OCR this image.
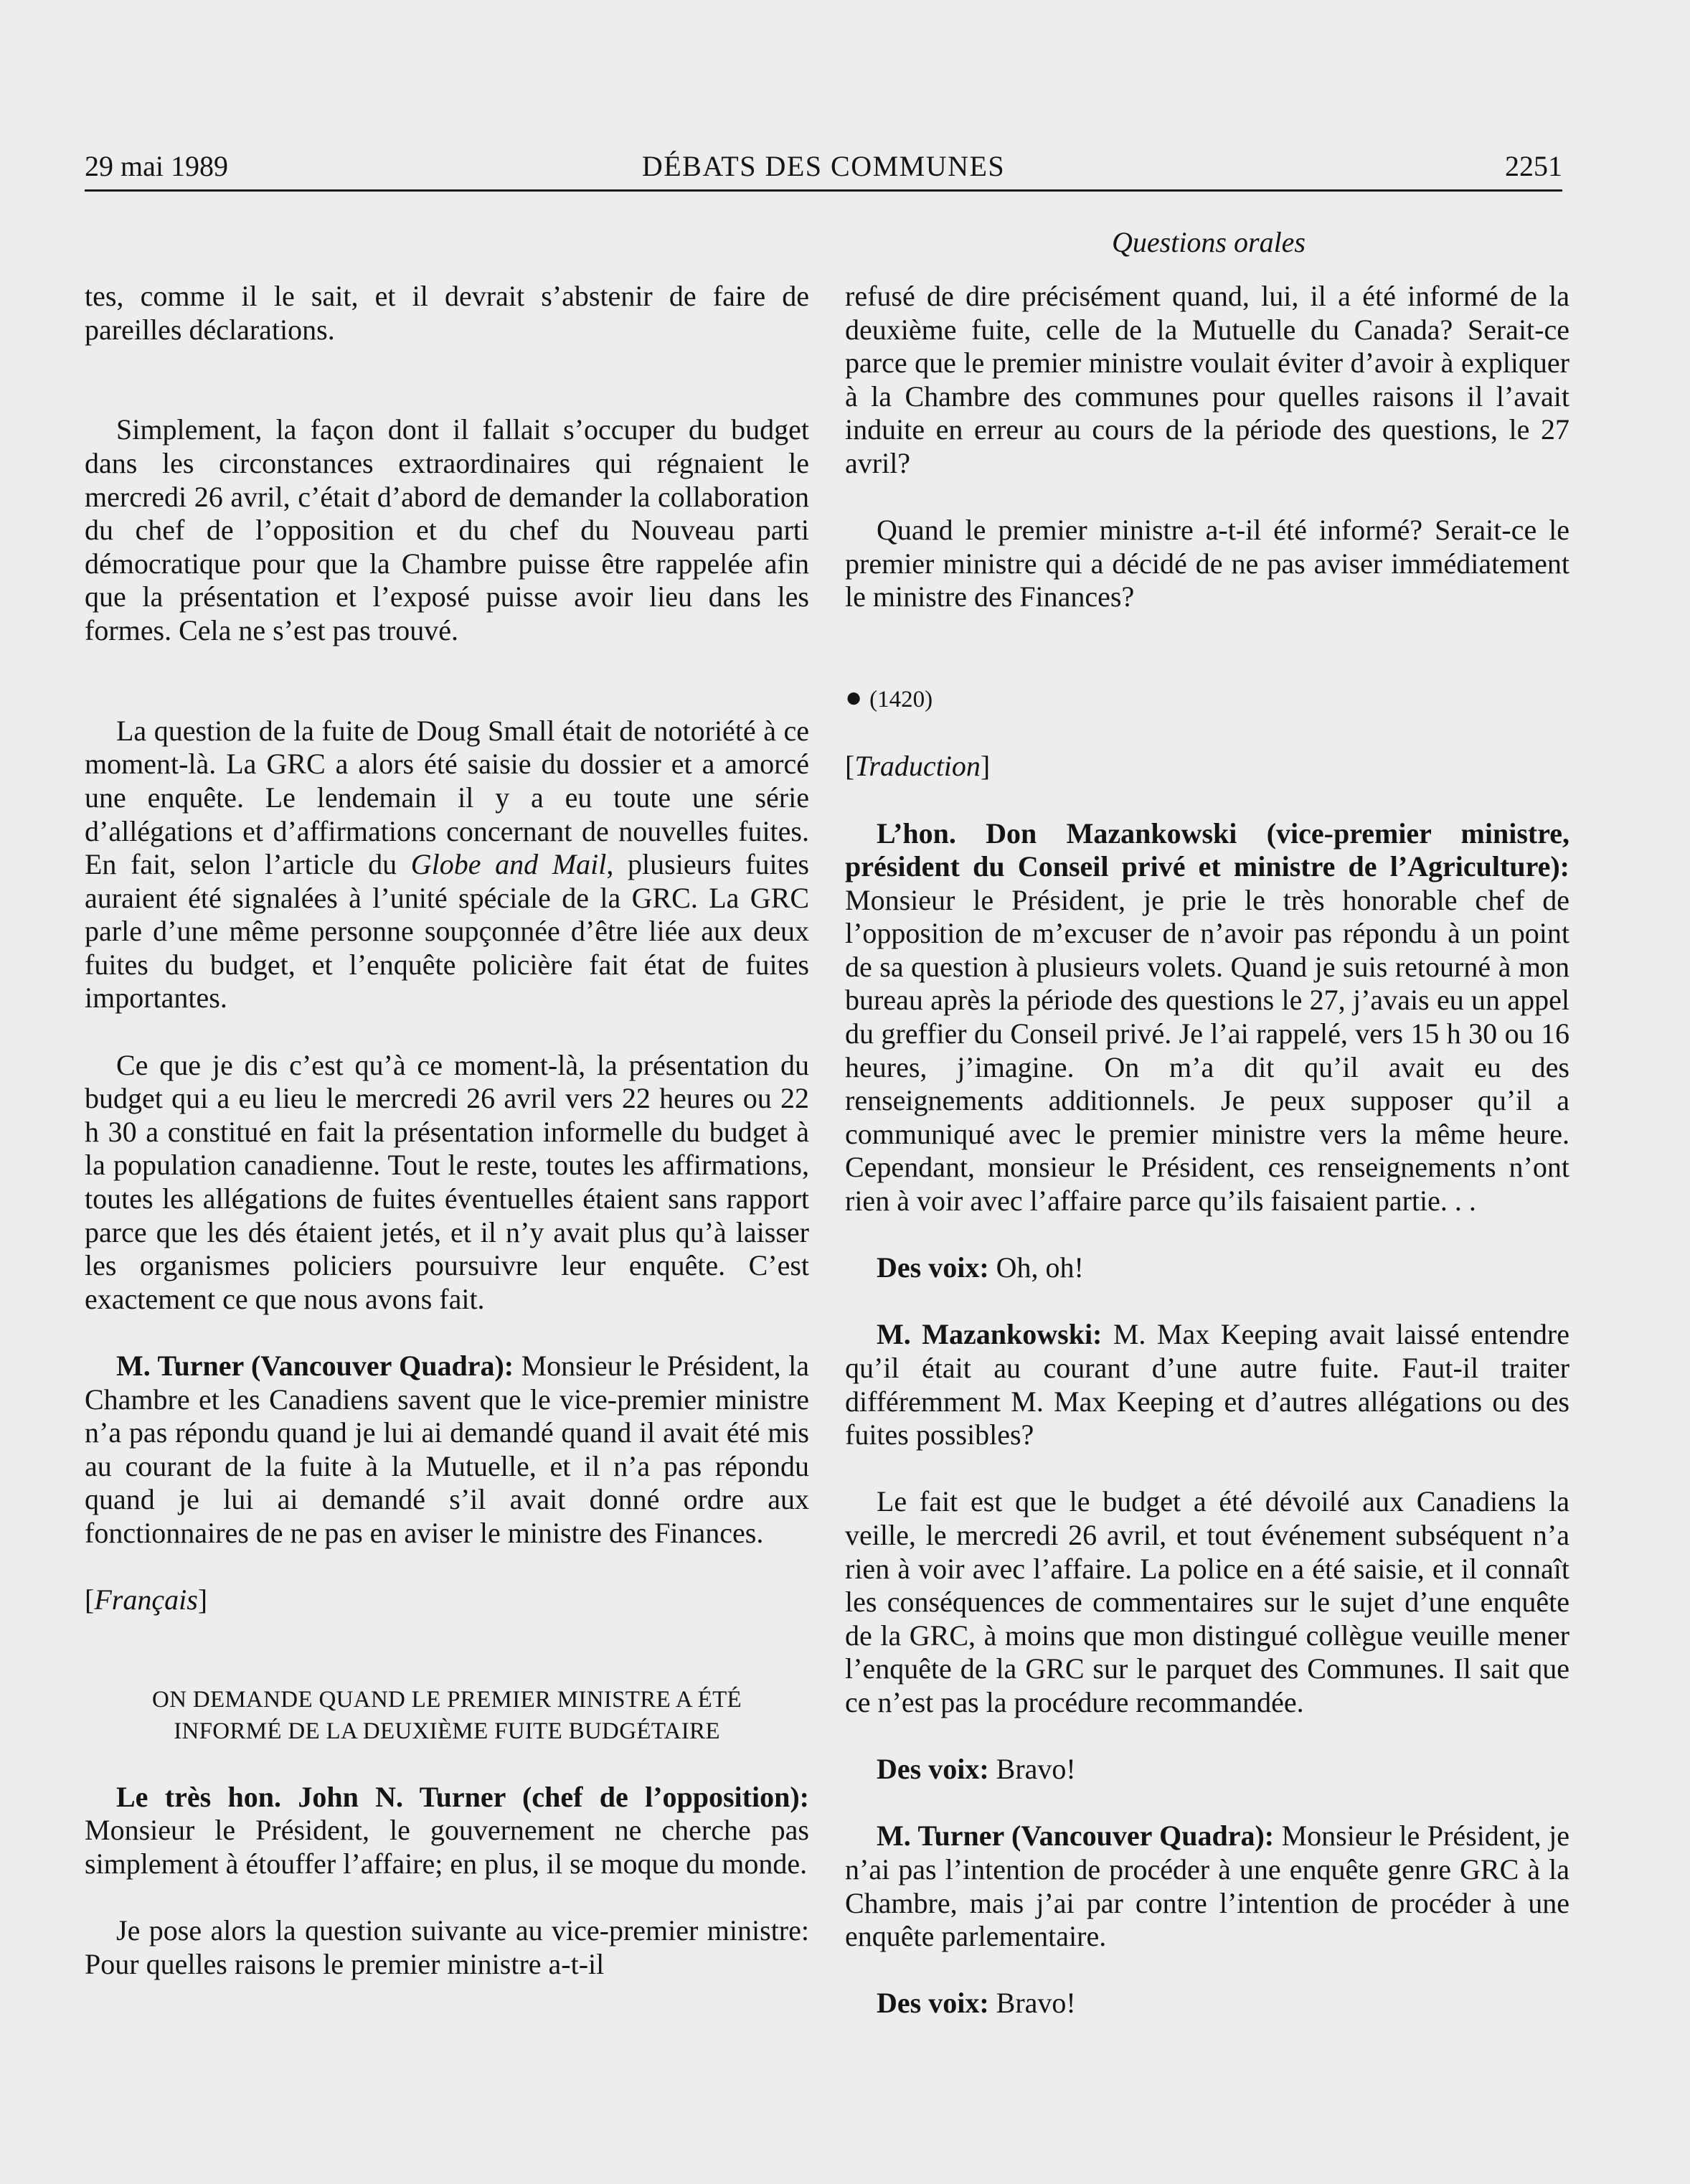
29 mai 1989	DÉBATS DES COMMUNES	2251
Questions orales

tes, comme il le sait, et il devrait s’abstenir de faire de pareilles déclarations.

Simplement, la façon dont il fallait s’occuper du budget dans les circonstances extraordinaires qui régnaient le mercredi 26 avril, c’était d’abord de demander la collaboration du chef de l’opposition et du chef du Nouveau parti démocratique pour que la Chambre puisse être rappelée afin que la présentation et l’exposé puisse avoir lieu dans les formes. Cela ne s’est pas trouvé.

La question de la fuite de Doug Small était de notoriété à ce moment-là. La GRC a alors été saisie du dossier et a amorcé une enquête. Le lendemain il y a eu toute une série d’allégations et d’affirmations concernant de nouvelles fuites. En fait, selon l’article du Globe and Mail, plusieurs fuites auraient été signalées à l’unité spéciale de la GRC. La GRC parle d’une même personne soupçonnée d’être liée aux deux fuites du budget, et l’enquête policière fait état de fuites importantes.

Ce que je dis c’est qu’à ce moment-là, la présentation du budget qui a eu lieu le mercredi 26 avril vers 22 heures ou 22 h 30 a constitué en fait la présentation informelle du budget à la population canadienne. Tout le reste, toutes les affirmations, toutes les allégations de fuites éventuelles étaient sans rapport parce que les dés étaient jetés, et il n’y avait plus qu’à laisser les organismes policiers poursuivre leur enquête. C’est exactement ce que nous avons fait.

M. Turner (Vancouver Quadra): Monsieur le Président, la Chambre et les Canadiens savent que le vice-premier ministre n’a pas répondu quand je lui ai demandé quand il avait été mis au courant de la fuite à la Mutuelle, et il n’a pas répondu quand je lui ai demandé s’il avait donné ordre aux fonctionnaires de ne pas en aviser le ministre des Finances.

[Français]

ON DEMANDE QUAND LE PREMIER MINISTRE A ÉTÉ
INFORMÉ DE LA DEUXIÈME FUITE BUDGÉTAIRE

Le très hon. John N. Turner (chef de l’opposition): Monsieur le Président, le gouvernement ne cherche pas simplement à étouffer l’affaire; en plus, il se moque du monde.

Je pose alors la question suivante au vice-premier ministre: Pour quelles raisons le premier ministre a-t-il

refusé de dire précisément quand, lui, il a été informé de la deuxième fuite, celle de la Mutuelle du Canada? Serait-ce parce que le premier ministre voulait éviter d’avoir à expliquer à la Chambre des communes pour quelles raisons il l’avait induite en erreur au cours de la période des questions, le 27 avril?

Quand le premier ministre a-t-il été informé? Serait-ce le premier ministre qui a décidé de ne pas aviser immédiatement le ministre des Finances?

● (1420)

[Traduction]

L’hon. Don Mazankowski (vice-premier ministre, président du Conseil privé et ministre de l’Agriculture): Monsieur le Président, je prie le très honorable chef de l’opposition de m’excuser de n’avoir pas répondu à un point de sa question à plusieurs volets. Quand je suis retourné à mon bureau après la période des questions le 27, j’avais eu un appel du greffier du Conseil privé. Je l’ai rappelé, vers 15 h 30 ou 16 heures, j’imagine. On m’a dit qu’il avait eu des renseignements additionnels. Je peux supposer qu’il a communiqué avec le premier ministre vers la même heure. Cependant, monsieur le Président, ces renseignements n’ont rien à voir avec l’affaire parce qu’ils faisaient partie. . .

Des voix: Oh, oh!

M. Mazankowski: M. Max Keeping avait laissé entendre qu’il était au courant d’une autre fuite. Faut-il traiter différemment M. Max Keeping et d’autres allégations ou des fuites possibles?

Le fait est que le budget a été dévoilé aux Canadiens la veille, le mercredi 26 avril, et tout événement subséquent n’a rien à voir avec l’affaire. La police en a été saisie, et il connaît les conséquences de commentaires sur le sujet d’une enquête de la GRC, à moins que mon distingué collègue veuille mener l’enquête de la GRC sur le parquet des Communes. Il sait que ce n’est pas la procédure recommandée.

Des voix: Bravo!

M. Turner (Vancouver Quadra): Monsieur le Président, je n’ai pas l’intention de procéder à une enquête genre GRC à la Chambre, mais j’ai par contre l’intention de procéder à une enquête parlementaire.

Des voix: Bravo!
